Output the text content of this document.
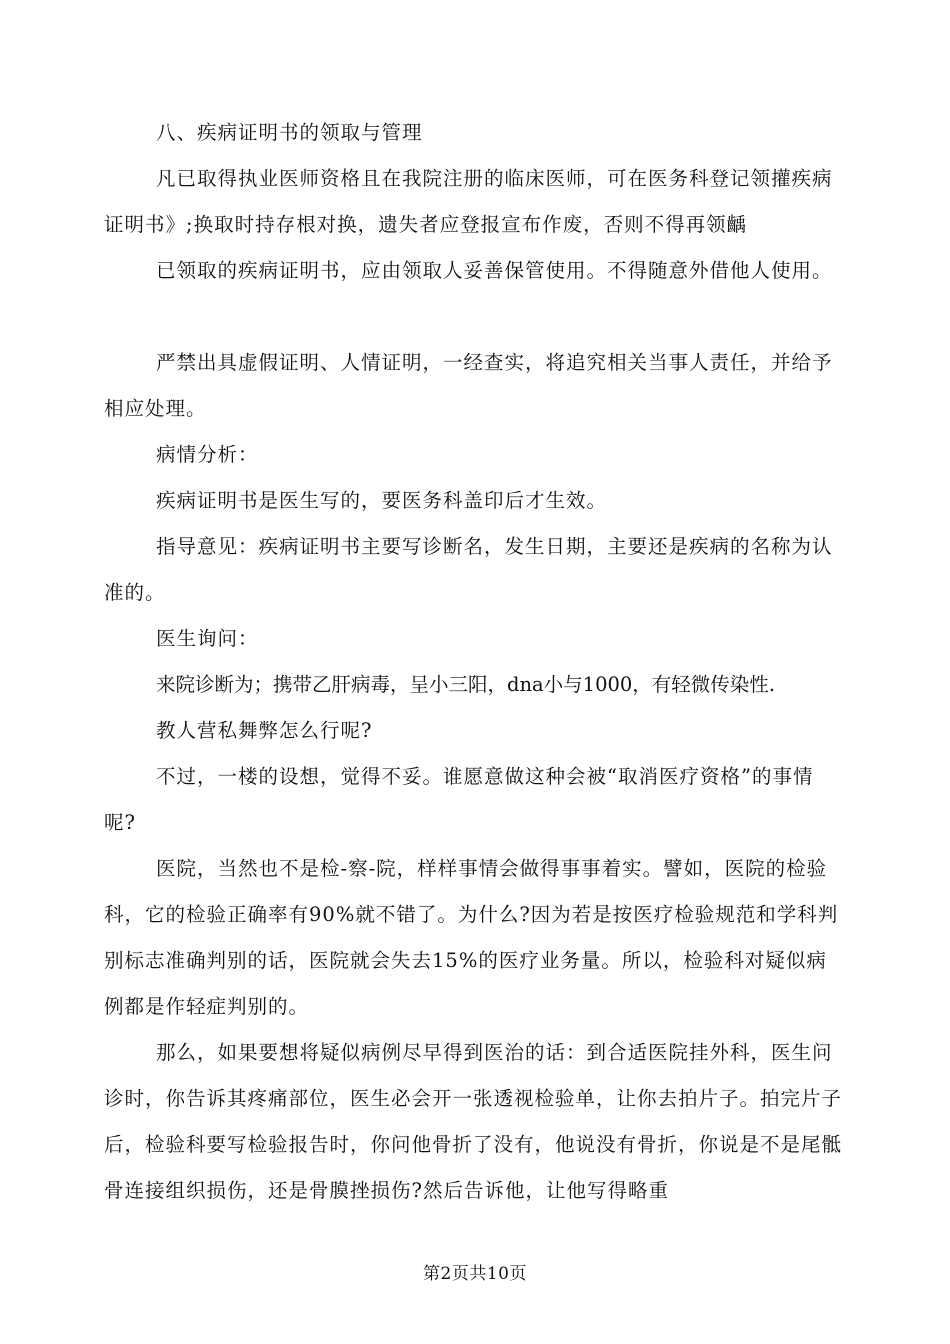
八、疾病证明书的领取与管理

凡已取得执业医师资格且在我院注册的临床医师，可在医务科登记领㩲疾病证明书》;换取时持存根对换，遗失者应登报宣布作废，否则不得再领齲

已领取的疾病证明书，应由领取人妥善保管使用。不得随意外借他人使用。

严禁出具虚假证明、人情证明，一经查实，将追究相关当事人责任，并给予相应处理。

病情分析：

疾病证明书是医生写的，要医务科盖印后才生效。

指导意见：疾病证明书主要写诊断名，发生日期，主要还是疾病的名称为认准的。

医生询问：

来院诊断为；携带乙肝病毒，呈小三阳，dna小与1000，有轻微传染性.

教人营私舞弊怎么行呢?

不过，一楼的设想，觉得不妥。谁愿意做这种会被“取消医疗资格”的事情呢?

医院，当然也不是检-察-院，样样事情会做得事事着实。譬如，医院的检验科，它的检验正确率有90%就不错了。为什么?因为若是按医疗检验规范和学科判别标志准确判别的话，医院就会失去15%的医疗业务量。所以，检验科对疑似病例都是作轻症判别的。

那么，如果要想将疑似病例尽早得到医治的话：到合适医院挂外科，医生问诊时，你告诉其疼痛部位，医生必会开一张透视检验单，让你去拍片子。拍完片子后，检验科要写检验报告时，你问他骨折了没有，他说没有骨折，你说是不是尾骶骨连接组织损伤，还是骨膜挫损伤?然后告诉他，让他写得略重

第2页共10页
